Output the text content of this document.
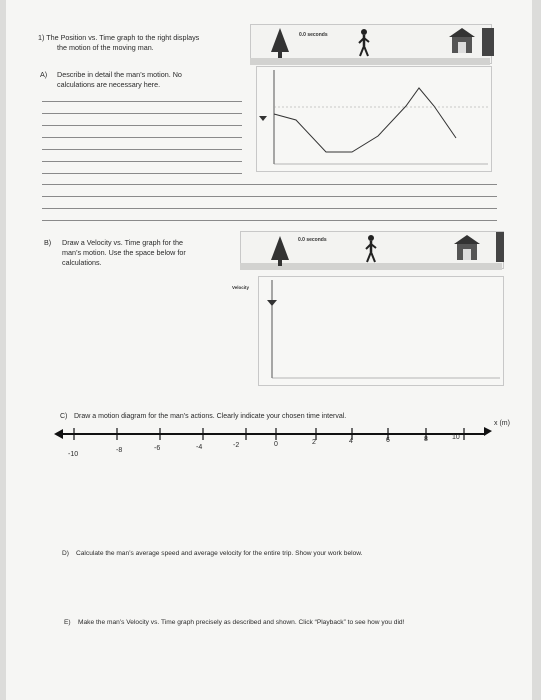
1) The Position vs. Time graph to the right displays
the motion of the moving man.
A) Describe in detail the man’s motion. No
calculations are necessary here.
0.0 seconds
B) Draw a Velocity vs. Time graph for the
man’s motion. Use the space below for
calculations.
0.0 seconds
Velocity
C) Draw a motion diagram for the man’s actions. Clearly indicate your chosen time interval.
x (m)
-10
-8	-6	-4	-2	0	2	4	6	8	10
D) Calculate the man’s average speed and average velocity for the entire trip. Show your work below.
E) Make the man’s Velocity vs. Time graph precisely as described and shown. Click “Playback” to see how you did!
